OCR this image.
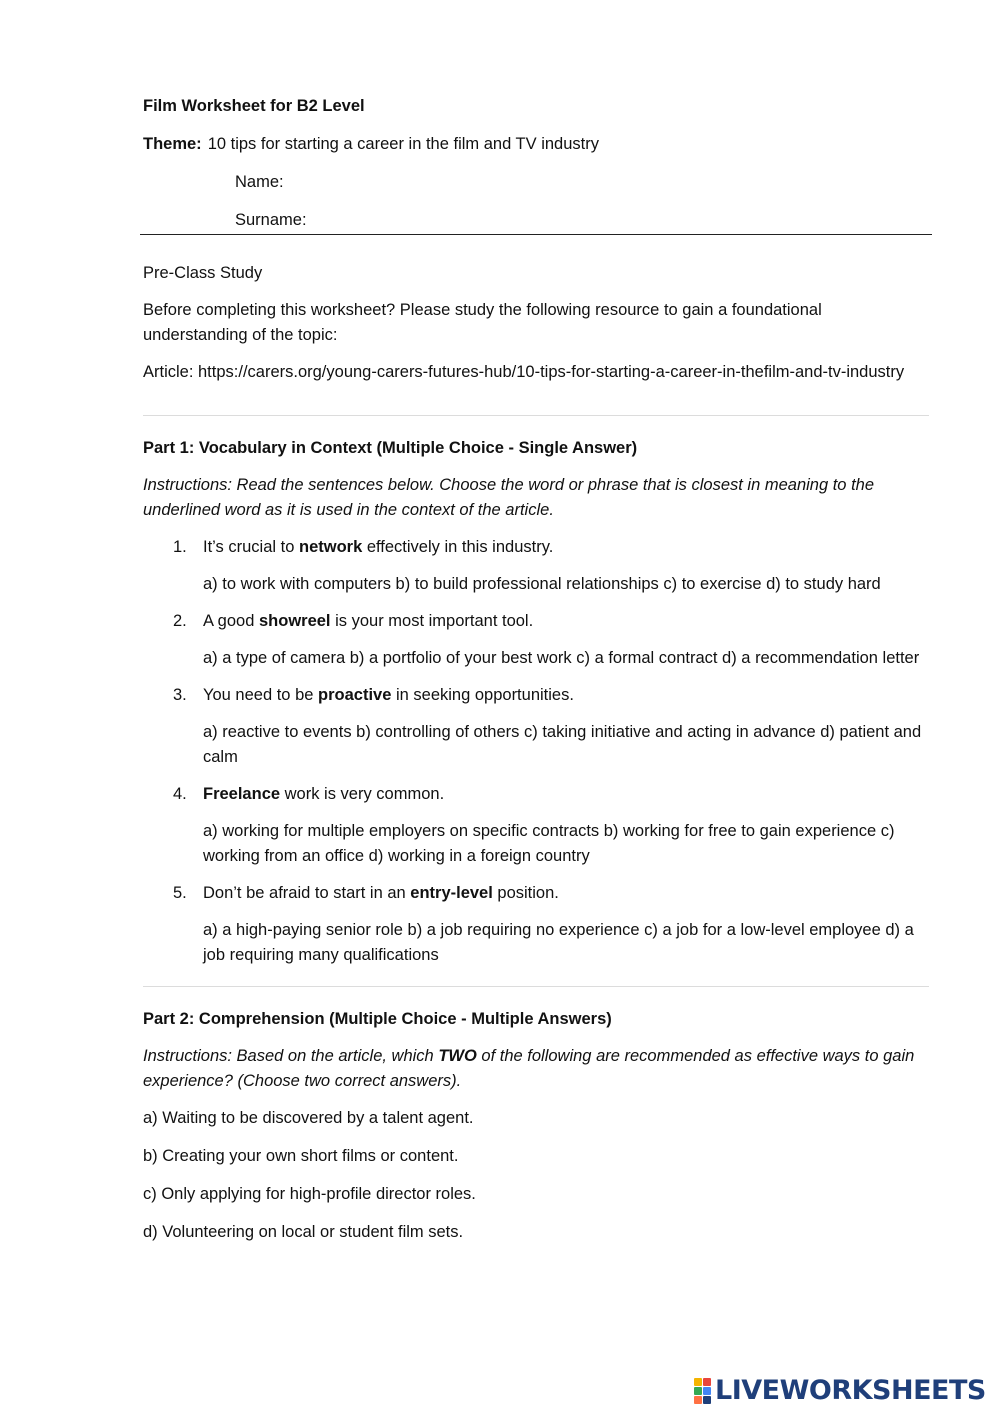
Film Worksheet for B2 Level

Theme: 10 tips for starting a career in the film and TV industry

Name:

Surname:

Pre-Class Study

Before completing this worksheet? Please study the following resource to gain a foundational understanding of the topic:

Article: https://carers.org/young-carers-futures-hub/10-tips-for-starting-a-career-in-thefilm-and-tv-industry

Part 1: Vocabulary in Context (Multiple Choice - Single Answer)

Instructions: Read the sentences below. Choose the word or phrase that is closest in meaning to the underlined word as it is used in the context of the article.

1. It’s crucial to network effectively in this industry.

a) to work with computers b) to build professional relationships c) to exercise d) to study hard

2. A good showreel is your most important tool.

a) a type of camera b) a portfolio of your best work c) a formal contract d) a recommendation letter

3. You need to be proactive in seeking opportunities.

a) reactive to events b) controlling of others c) taking initiative and acting in advance d) patient and calm

4. Freelance work is very common.

a) working for multiple employers on specific contracts b) working for free to gain experience c) working from an office d) working in a foreign country

5. Don’t be afraid to start in an entry-level position.

a) a high-paying senior role b) a job requiring no experience c) a job for a low-level employee d) a job requiring many qualifications

Part 2: Comprehension (Multiple Choice - Multiple Answers)

Instructions: Based on the article, which TWO of the following are recommended as effective ways to gain experience? (Choose two correct answers).

a) Waiting to be discovered by a talent agent.

b) Creating your own short films or content.

c) Only applying for high-profile director roles.

d) Volunteering on local or student film sets.

LIVEWORKSHEETS
